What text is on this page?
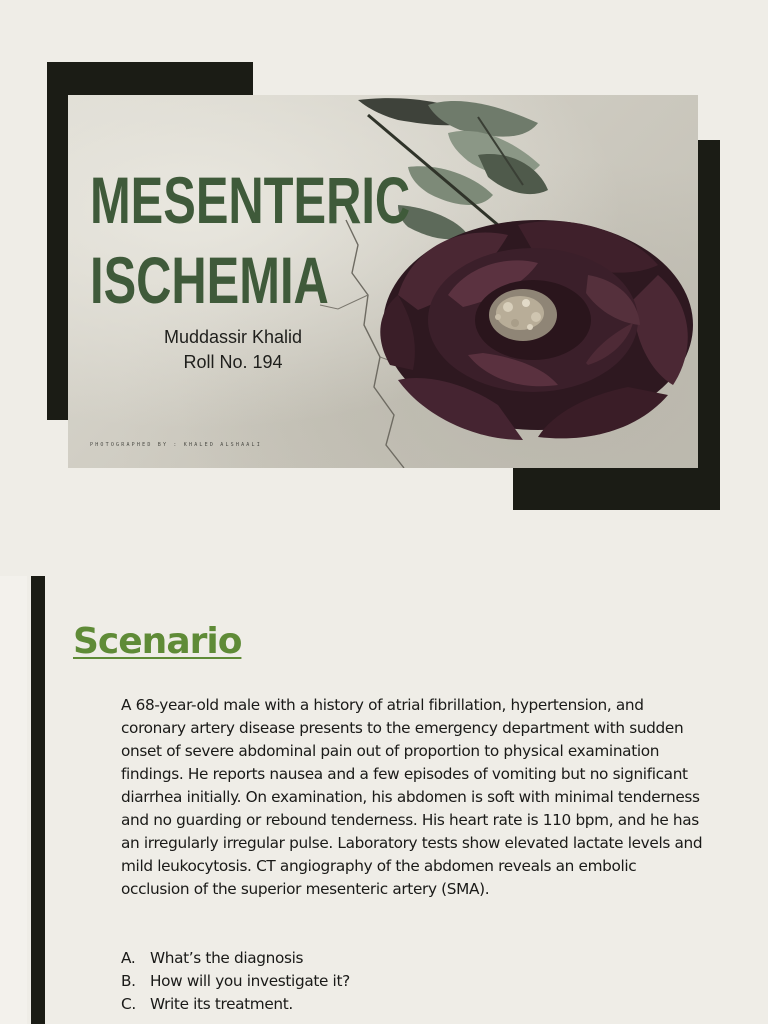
MESENTERIC
ISCHEMIA
Muddassir Khalid
Roll No. 194
PHOTOGRAPHED BY : KHALED ALSHAALI
Scenario

A 68-year-old male with a history of atrial fibrillation, hypertension, and coronary artery disease presents to the emergency department with sudden onset of severe abdominal pain out of proportion to physical examination findings. He reports nausea and a few episodes of vomiting but no significant diarrhea initially. On examination, his abdomen is soft with minimal tenderness and no guarding or rebound tenderness. His heart rate is 110 bpm, and he has an irregularly irregular pulse. Laboratory tests show elevated lactate levels and mild leukocytosis. CT angiography of the abdomen reveals an embolic occlusion of the superior mesenteric artery (SMA).

A. What’s the diagnosis
B. How will you investigate it?
C. Write its treatment.
